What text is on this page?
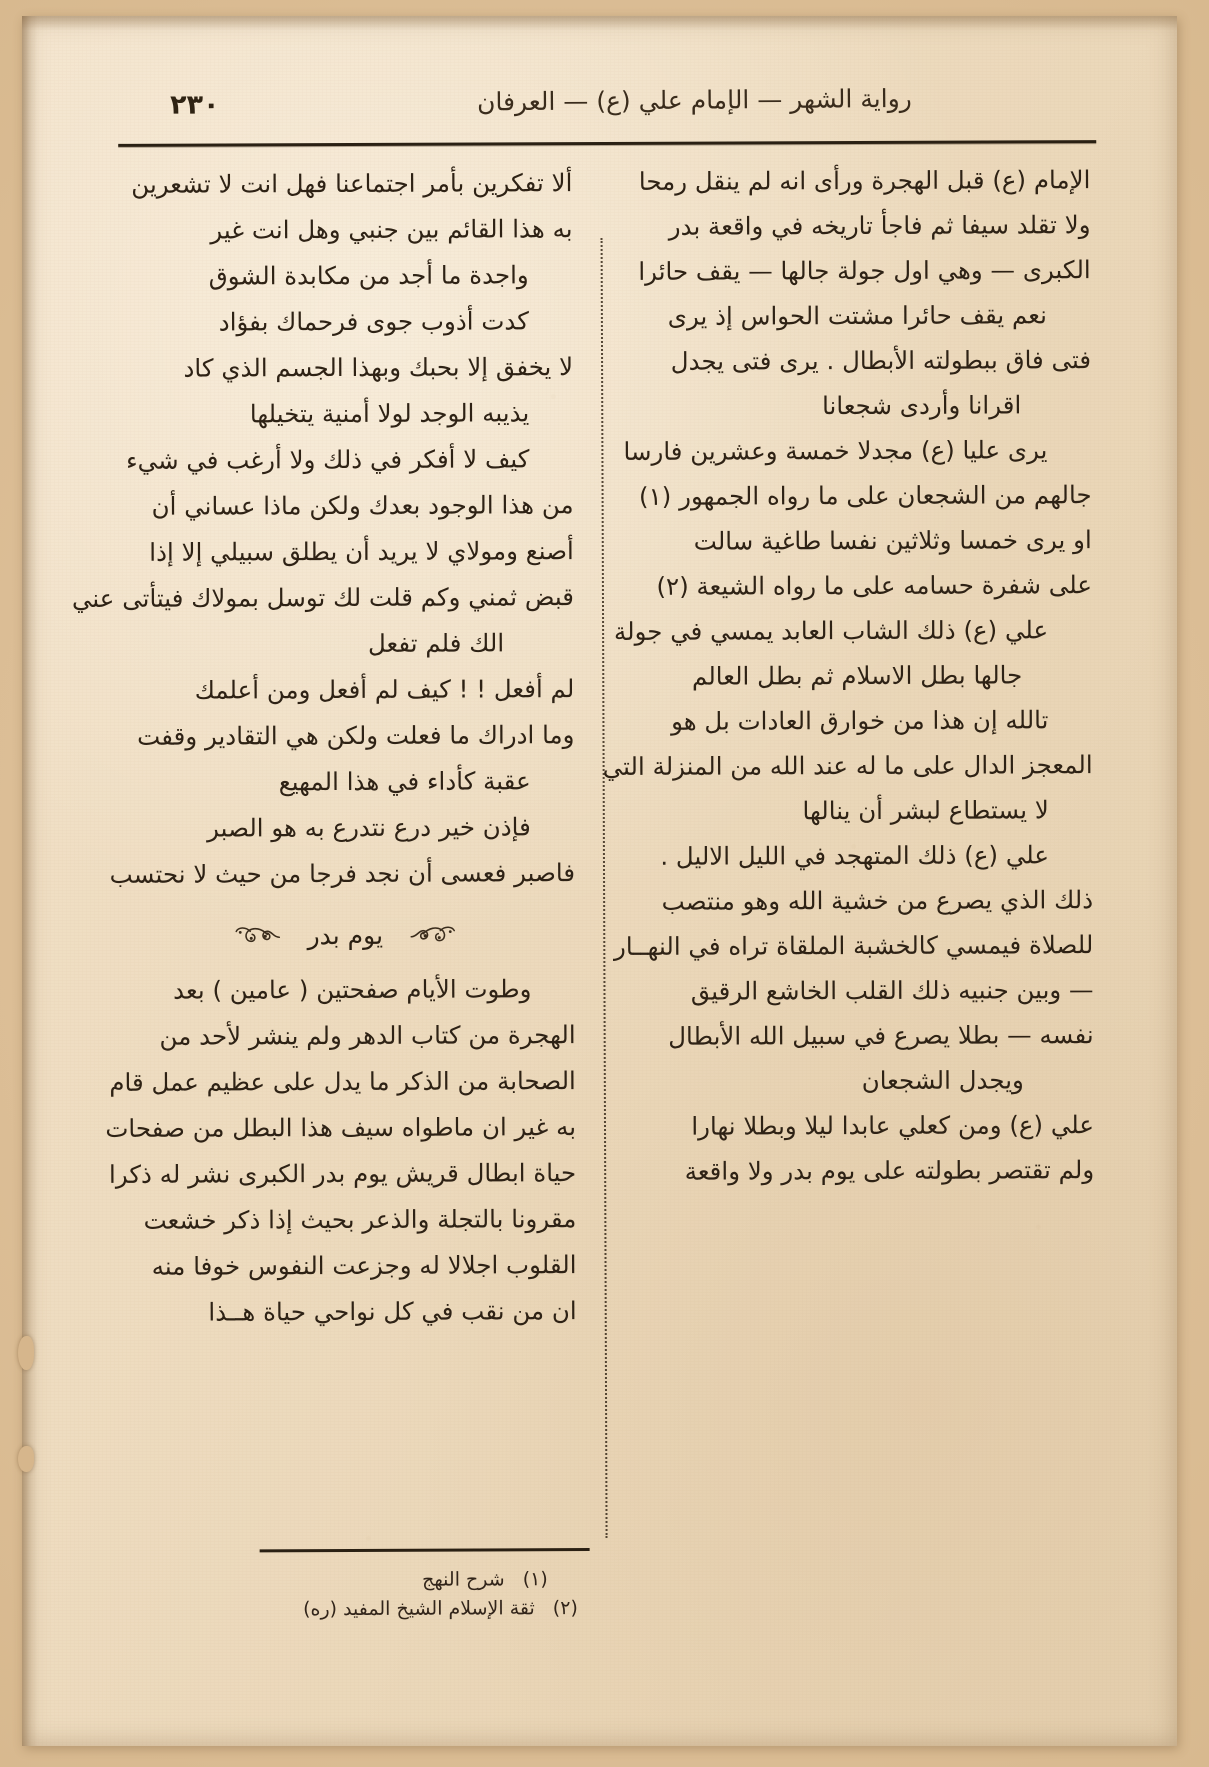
رواية الشهر — الإمام علي (ع) — العرفان
٢٣٠
الإمام (ع) قبل الهجرة ورأى انه لم ينقل رمحا
ولا تقلد سيفا ثم فاجأ تاريخه في واقعة بدر
الكبرى — وهي اول جولة جالها — يقف حائرا
نعم يقف حائرا مشتت الحواس إذ يرى
فتى فاق ببطولته الأبطال . يرى فتى يجدل
اقرانا وأردى شجعانا
يرى عليا (ع) مجدلا خمسة وعشرين فارسا
جالهم من الشجعان على ما رواه الجمهور (١)
او يرى خمسا وثلاثين نفسا طاغية سالت
على شفرة حسامه على ما رواه الشيعة (٢)
علي (ع) ذلك الشاب العابد يمسي في جولة
جالها بطل الاسلام ثم بطل العالم
تالله إن هذا من خوارق العادات بل هو
المعجز الدال على ما له عند الله من المنزلة التي
لا يستطاع لبشر أن ينالها
علي (ع) ذلك المتهجد في الليل الاليل .
ذلك الذي يصرع من خشية الله وهو منتصب
للصلاة فيمسي كالخشبة الملقاة تراه في النهــار
— وبين جنبيه ذلك القلب الخاشع الرقيق
نفسه — بطلا يصرع في سبيل الله الأبطال
ويجدل الشجعان
علي (ع) ومن كعلي عابدا ليلا وبطلا نهارا
ولم تقتصر بطولته على يوم بدر ولا واقعة
ألا تفكرين بأمر اجتماعنا فهل انت لا تشعرين
به هذا القائم بين جنبي وهل انت غير
واجدة ما أجد من مكابدة الشوق
كدت أذوب جوى فرحماك بفؤاد
لا يخفق إلا بحبك وبهذا الجسم الذي كاد
يذيبه الوجد لولا أمنية يتخيلها
كيف لا أفكر في ذلك ولا أرغب في شيء
من هذا الوجود بعدك ولكن ماذا عساني أن
أصنع ومولاي لا يريد أن يطلق سبيلي إلا إذا
قبض ثمني وكم قلت لك توسل بمولاك فيتأتى عني
الك فلم تفعل
لم أفعل ! ! كيف لم أفعل ومن أعلمك
وما ادراك ما فعلت ولكن هي التقادير وقفت
عقبة كأداء في هذا المهيع
فإذن خير درع نتدرع به هو الصبر
فاصبر فعسى أن نجد فرجا من حيث لا نحتسب
يوم بدر
وطوت الأيام صفحتين ( عامين ) بعد
الهجرة من كتاب الدهر ولم ينشر لأحد من
الصحابة من الذكر ما يدل على عظيم عمل قام
به غير ان ماطواه سيف هذا البطل من صفحات
حياة ابطال قريش يوم بدر الكبرى نشر له ذكرا
مقرونا بالتجلة والذعر بحيث إذا ذكر خشعت
القلوب اجلالا له وجزعت النفوس خوفا منه
ان من نقب في كل نواحي حياة هــذا
(١)
شرح النهج
(٢)
ثقة الإسلام الشيخ المفيد (ره)
